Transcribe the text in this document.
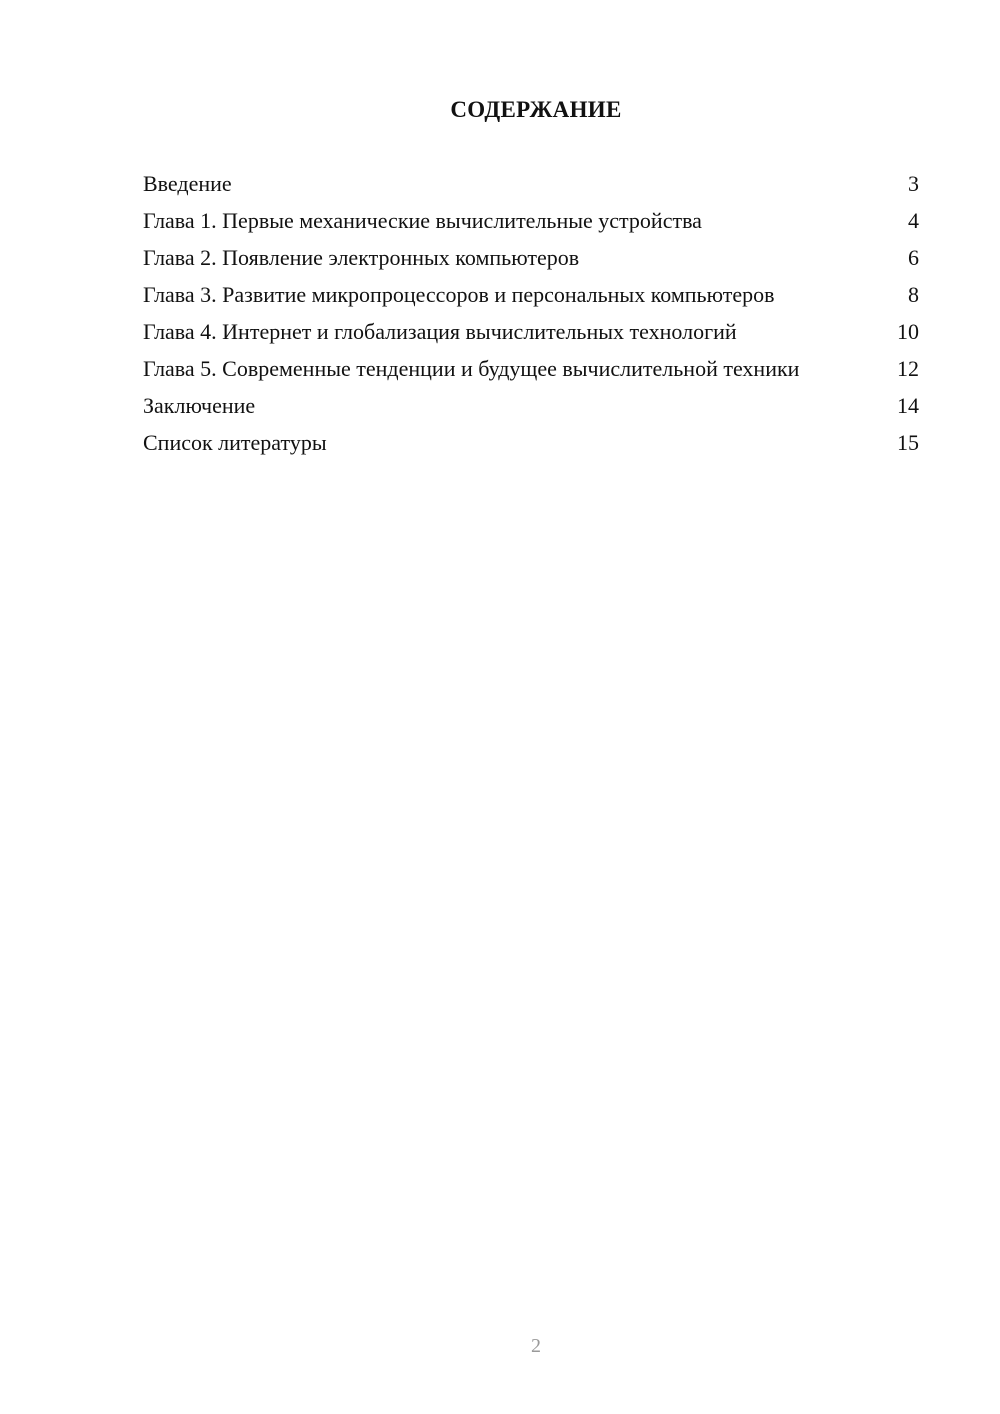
СОДЕРЖАНИЕ
Введение	3
Глава 1. Первые механические вычислительные устройства	4
Глава 2. Появление электронных компьютеров	6
Глава 3. Развитие микропроцессоров и персональных компьютеров	8
Глава 4. Интернет и глобализация вычислительных технологий	10
Глава 5. Современные тенденции и будущее вычислительной техники	12
Заключение	14
Список литературы	15
2
